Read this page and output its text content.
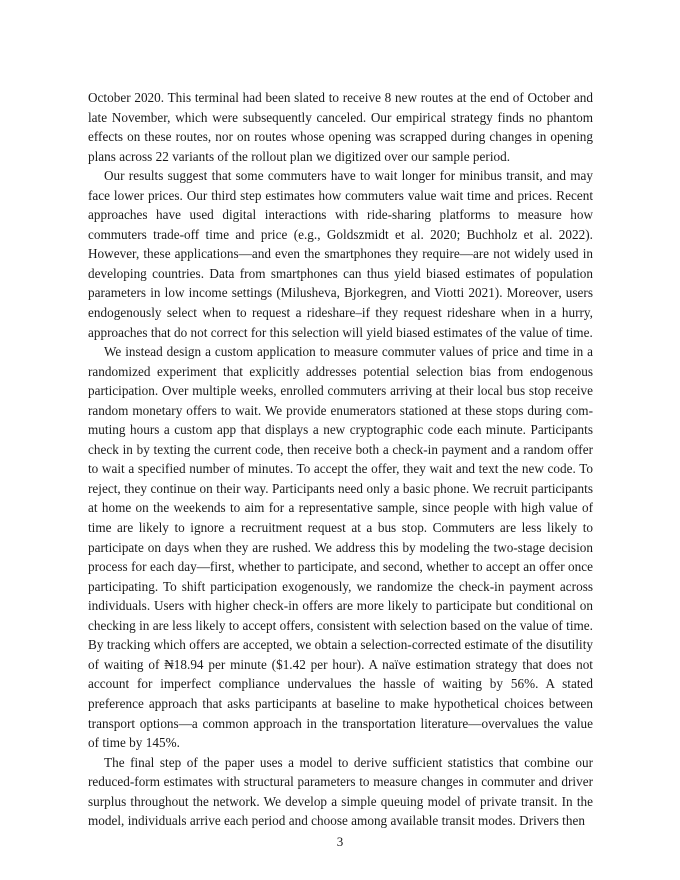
October 2020. This terminal had been slated to receive 8 new routes at the end of October and late November, which were subsequently canceled. Our empirical strategy finds no phantom effects on these routes, nor on routes whose opening was scrapped during changes in opening plans across 22 variants of the rollout plan we digitized over our sample period.

Our results suggest that some commuters have to wait longer for minibus transit, and may face lower prices. Our third step estimates how commuters value wait time and prices. Recent approaches have used digital interactions with ride-sharing platforms to measure how commuters trade-off time and price (e.g., Goldszmidt et al. 2020; Buchholz et al. 2022). However, these applications—and even the smartphones they require—are not widely used in developing countries. Data from smartphones can thus yield biased estimates of population parameters in low income settings (Milusheva, Bjorkegren, and Viotti 2021). Moreover, users endogenously select when to request a rideshare–if they request rideshare when in a hurry, approaches that do not correct for this selection will yield biased estimates of the value of time.

We instead design a custom application to measure commuter values of price and time in a randomized experiment that explicitly addresses potential selection bias from endogenous participation. Over multiple weeks, enrolled commuters arriving at their local bus stop receive random monetary offers to wait. We provide enumerators stationed at these stops during commuting hours a custom app that displays a new cryptographic code each minute. Participants check in by texting the current code, then receive both a check-in payment and a random offer to wait a specified number of minutes. To accept the offer, they wait and text the new code. To reject, they continue on their way. Participants need only a basic phone. We recruit participants at home on the weekends to aim for a representative sample, since people with high value of time are likely to ignore a recruitment request at a bus stop. Commuters are less likely to participate on days when they are rushed. We address this by modeling the two-stage decision process for each day—first, whether to participate, and second, whether to accept an offer once participating. To shift participation exogenously, we randomize the check-in payment across individuals. Users with higher check-in offers are more likely to participate but conditional on checking in are less likely to accept offers, consistent with selection based on the value of time. By tracking which offers are accepted, we obtain a selection-corrected estimate of the disutility of waiting of ₦18.94 per minute ($1.42 per hour). A naïve estimation strategy that does not account for imperfect compliance undervalues the hassle of waiting by 56%. A stated preference approach that asks participants at baseline to make hypothetical choices between transport options—a common approach in the transportation literature—overvalues the value of time by 145%.

The final step of the paper uses a model to derive sufficient statistics that combine our reduced-form estimates with structural parameters to measure changes in commuter and driver surplus throughout the network. We develop a simple queuing model of private transit. In the model, individuals arrive each period and choose among available transit modes. Drivers then

3
